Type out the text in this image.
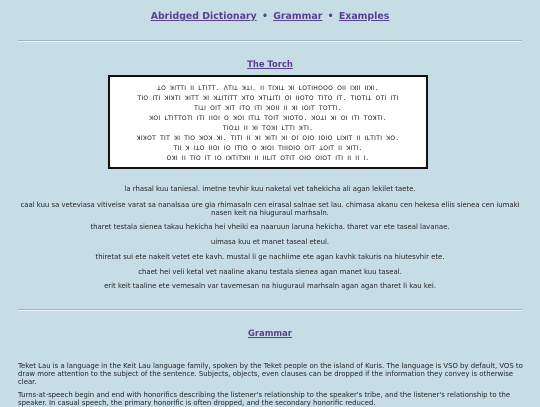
Abridged Dictionary • Grammar • Examples
The Torch
ꓕꓳ ꓘꓲꓔꓔꓲ ꓲꓲ ꓡꓔꓲꓔꓔ. ꓥꓔꓲꓕ ꓘꓕꓲ. ꓲꓲ ꓔꓲꓘꓲꓕ ꓘꓲ ꓡꓳꓔꓲꓧꓳꓳꓳ ꓳꓲꓲ ꓲꓘꓲꓲ ꓲꓲꓘꓲ.
ꓔꓲꓳ ꓲꓔꓲ ꓘꓲꓘꓔꓲ ꓘꓲꓔꓔ ꓘꓲ ꓘꓕꓲꓔꓲꓔꓔ ꓘꓔꓳ ꓘꓔꓲꓕꓲꓔꓲ ꓳꓲ ꓲꓲꓳꓔꓳ ꓔꓲꓔꓳ ꓲꓔ. ꓔꓲꓳꓔꓲꓕ ꓳꓔꓲ ꓲꓔꓲ
ꓔꓲꓕꓲ ꓳꓲꓔ ꓘꓲꓔ ꓲꓔꓳ ꓲꓔꓲ ꓘꓳꓲꓲ ꓲꓲ ꓘꓲ ꓲꓳꓲꓔ ꓔꓳꓔꓔꓲ.
ꓘꓳꓲ ꓡꓔꓲꓔꓔꓳꓔꓲ ꓲꓔꓲ ꓲꓲꓳꓲ ꓳ ꓘꓳꓲ ꓲꓔꓲꓕ ꓔꓳꓲꓔ ꓘꓲꓳꓔꓳ. ꓘꓳꓕꓲ ꓘꓲ ꓳꓲ ꓲꓔꓲ ꓔꓳꓘꓔꓲ.
ꓔꓲꓳꓕꓲ ꓲꓲ ꓘꓲ ꓔꓳꓘꓲ ꓡꓔꓔꓲ ꓘꓔꓲ.
ꓘꓲꓘꓳꓔ ꓔꓲꓔ ꓘꓲ ꓔꓲꓳ ꓘꓳꓘ ꓘꓲ. ꓔꓲꓔꓲ ꓲꓲ ꓘꓲ ꓘꓲꓔꓲ ꓘꓲ ꓳꓲ ꓳꓲꓳ ꓲꓳꓲꓳ ꓡꓲꓘꓲꓔ ꓲꓲ ꓲꓡꓔꓲꓔꓲ ꓘꓳ.
ꓔꓲꓲ ꓘ ꓲꓕꓳ ꓲꓲꓳꓲ ꓲꓳ ꓲꓔꓲꓳ ꓳ ꓘꓲꓳꓲ ꓔꓲꓲꓲꓳꓲꓳ ꓳꓲꓔ ꓕꓳꓲꓔ ꓲꓲ ꓘꓲꓔꓲ.
ꓳꓘꓲ ꓲꓲ ꓔꓲꓳ ꓲꓔ ꓲꓳ ꓲꓘꓔꓲꓔꓘꓲꓲ ꓲꓲ ꓲꓲꓡꓲꓔ ꓳꓔꓲꓔ ꓳꓲꓳ ꓳꓲꓳꓔ ꓲꓔꓲ ꓲꓲ ꓲꓲ ꓲ.
la rhasal kuu taniesal. imetne tevhir kuu naketal vet tahekicha ali agan lekilet taete.
caal kuu sa veteviasa vitiveise varat sa nanalsaa ure gia rhimasaln cen eirasal salnae set lau. chimasa akanu cen hekesa eliis sienea cen iumaki nasen keit na hiuguraul marhsaln.
tharet testala sienea takau hekicha hei vheiki ea naaruun laruna hekicha. tharet var ete taseal lavanae.
uimasa kuu et manet taseal eteul.
thiretat sui ete nakeit vetet ete kavh. mustal li ge nachiime ete agan kavhk takuris na hiutesvhir ete.
chaet hei veli ketal vet naaline akanu testala sienea agan manet kuu taseal.
erit keit taaline ete vemesaln var tavemesan na hiuguraul marhsaln agan agan tharet li kau kei.
Grammar
Teket Lau is a language in the Keit Lau language family, spoken by the Teket people on the island of Kuris. The language is VSO by default, VOS to draw more attention to the subject of the sentence. Subjects, objects, even clauses can be dropped if the information they convey is otherwise clear.
Turns-at-speech begin and end with honorifics describing the listener's relationship to the speaker's tribe, and the listener's relationship to the speaker. In casual speech, the primary honorific is often dropped, and the secondary honorific reduced.
